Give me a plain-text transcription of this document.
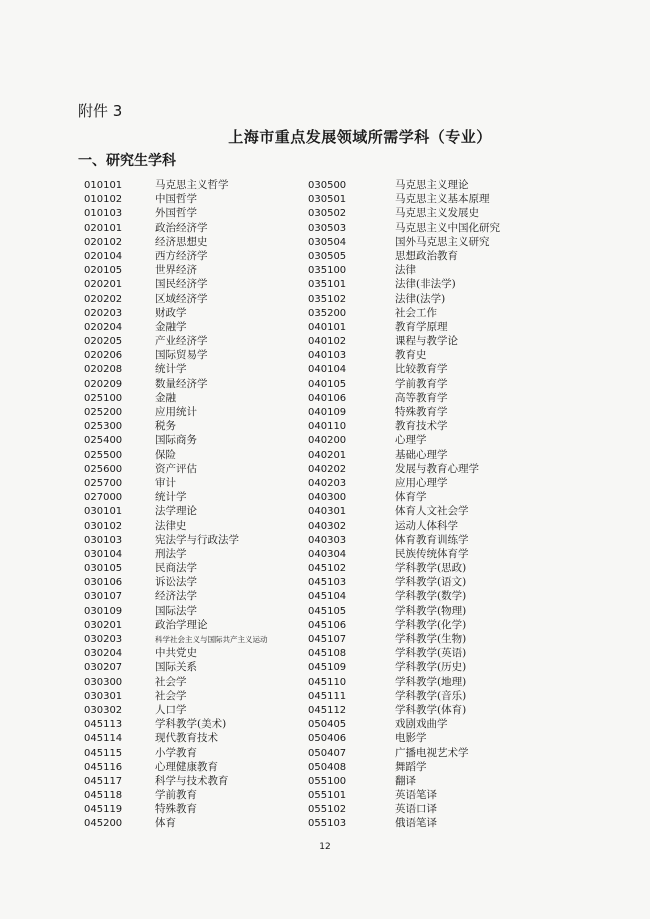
附件 3
上海市重点发展领域所需学科（专业）
一、研究生学科
010101	马克思主义哲学
010102	中国哲学
010103	外国哲学
020101	政治经济学
020102	经济思想史
020104	西方经济学
020105	世界经济
020201	国民经济学
020202	区域经济学
020203	财政学
020204	金融学
020205	产业经济学
020206	国际贸易学
020208	统计学
020209	数量经济学
025100	金融
025200	应用统计
025300	税务
025400	国际商务
025500	保险
025600	资产评估
025700	审计
027000	统计学
030101	法学理论
030102	法律史
030103	宪法学与行政法学
030104	刑法学
030105	民商法学
030106	诉讼法学
030107	经济法学
030109	国际法学
030201	政治学理论
030203	科学社会主义与国际共产主义运动
030204	中共党史
030207	国际关系
030300	社会学
030301	社会学
030302	人口学
045113	学科教学(美术)
045114	现代教育技术
045115	小学教育
045116	心理健康教育
045117	科学与技术教育
045118	学前教育
045119	特殊教育
045200	体育
030500	马克思主义理论
030501	马克思主义基本原理
030502	马克思主义发展史
030503	马克思主义中国化研究
030504	国外马克思主义研究
030505	思想政治教育
035100	法律
035101	法律(非法学)
035102	法律(法学)
035200	社会工作
040101	教育学原理
040102	课程与教学论
040103	教育史
040104	比较教育学
040105	学前教育学
040106	高等教育学
040109	特殊教育学
040110	教育技术学
040200	心理学
040201	基础心理学
040202	发展与教育心理学
040203	应用心理学
040300	体育学
040301	体育人文社会学
040302	运动人体科学
040303	体育教育训练学
040304	民族传统体育学
045102	学科教学(思政)
045103	学科教学(语文)
045104	学科教学(数学)
045105	学科教学(物理)
045106	学科教学(化学)
045107	学科教学(生物)
045108	学科教学(英语)
045109	学科教学(历史)
045110	学科教学(地理)
045111	学科教学(音乐)
045112	学科教学(体育)
050405	戏剧戏曲学
050406	电影学
050407	广播电视艺术学
050408	舞蹈学
055100	翻译
055101	英语笔译
055102	英语口译
055103	俄语笔译
12
